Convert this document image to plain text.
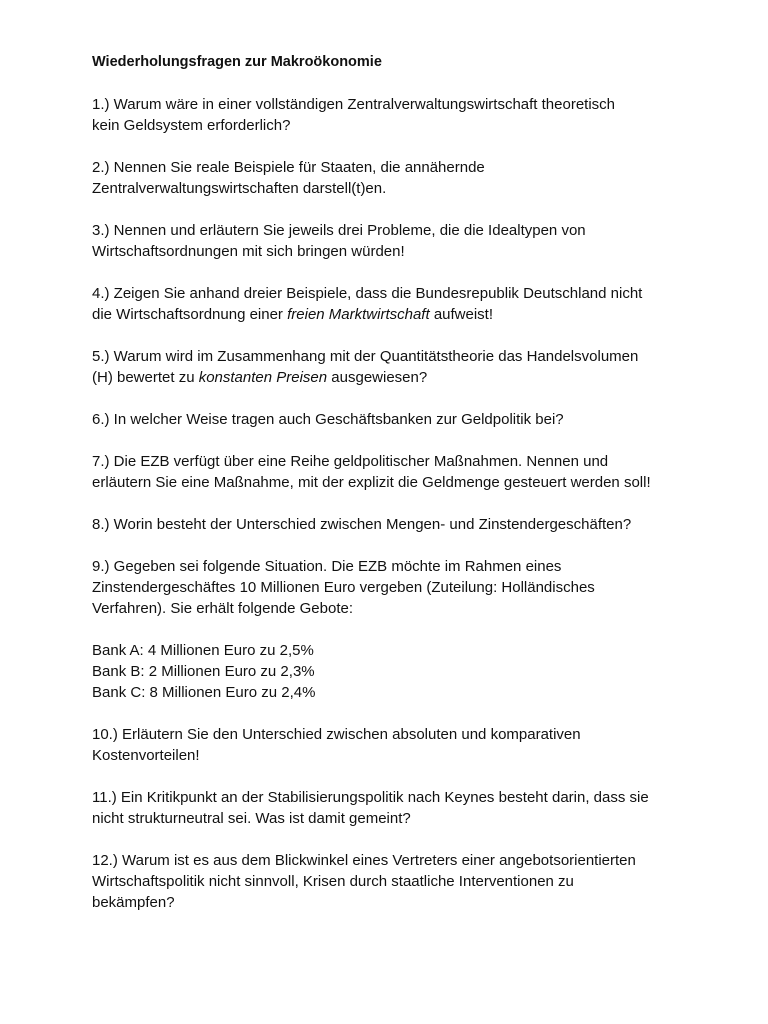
Wiederholungsfragen zur Makroökonomie
1.) Warum wäre in einer vollständigen Zentralverwaltungswirtschaft theoretisch
kein Geldsystem erforderlich?
2.) Nennen Sie reale Beispiele für Staaten, die annähernde
Zentralverwaltungswirtschaften darstell(t)en.
3.) Nennen und erläutern Sie jeweils drei Probleme, die die Idealtypen von
Wirtschaftsordnungen mit sich bringen würden!
4.) Zeigen Sie anhand dreier Beispiele, dass die Bundesrepublik Deutschland nicht
die Wirtschaftsordnung einer freien Marktwirtschaft aufweist!
5.) Warum wird im Zusammenhang mit der Quantitätstheorie das Handelsvolumen
(H) bewertet zu konstanten Preisen ausgewiesen?
6.) In welcher Weise tragen auch Geschäftsbanken zur Geldpolitik bei?
7.) Die EZB verfügt über eine Reihe geldpolitischer Maßnahmen. Nennen und
erläutern Sie eine Maßnahme, mit der explizit die Geldmenge gesteuert werden soll!
8.) Worin besteht der Unterschied zwischen Mengen- und Zinstendergeschäften?
9.) Gegeben sei folgende Situation. Die EZB möchte im Rahmen eines
Zinstendergeschäftes 10 Millionen Euro vergeben (Zuteilung: Holländisches
Verfahren). Sie erhält folgende Gebote:
Bank A: 4 Millionen Euro zu 2,5%
Bank B: 2 Millionen Euro zu 2,3%
Bank C: 8 Millionen Euro zu 2,4%
10.) Erläutern Sie den Unterschied zwischen absoluten und komparativen
Kostenvorteilen!
11.) Ein Kritikpunkt an der Stabilisierungspolitik nach Keynes besteht darin, dass sie
nicht strukturneutral sei. Was ist damit gemeint?
12.) Warum ist es aus dem Blickwinkel eines Vertreters einer angebotsorientierten
Wirtschaftspolitik nicht sinnvoll, Krisen durch staatliche Interventionen zu
bekämpfen?
